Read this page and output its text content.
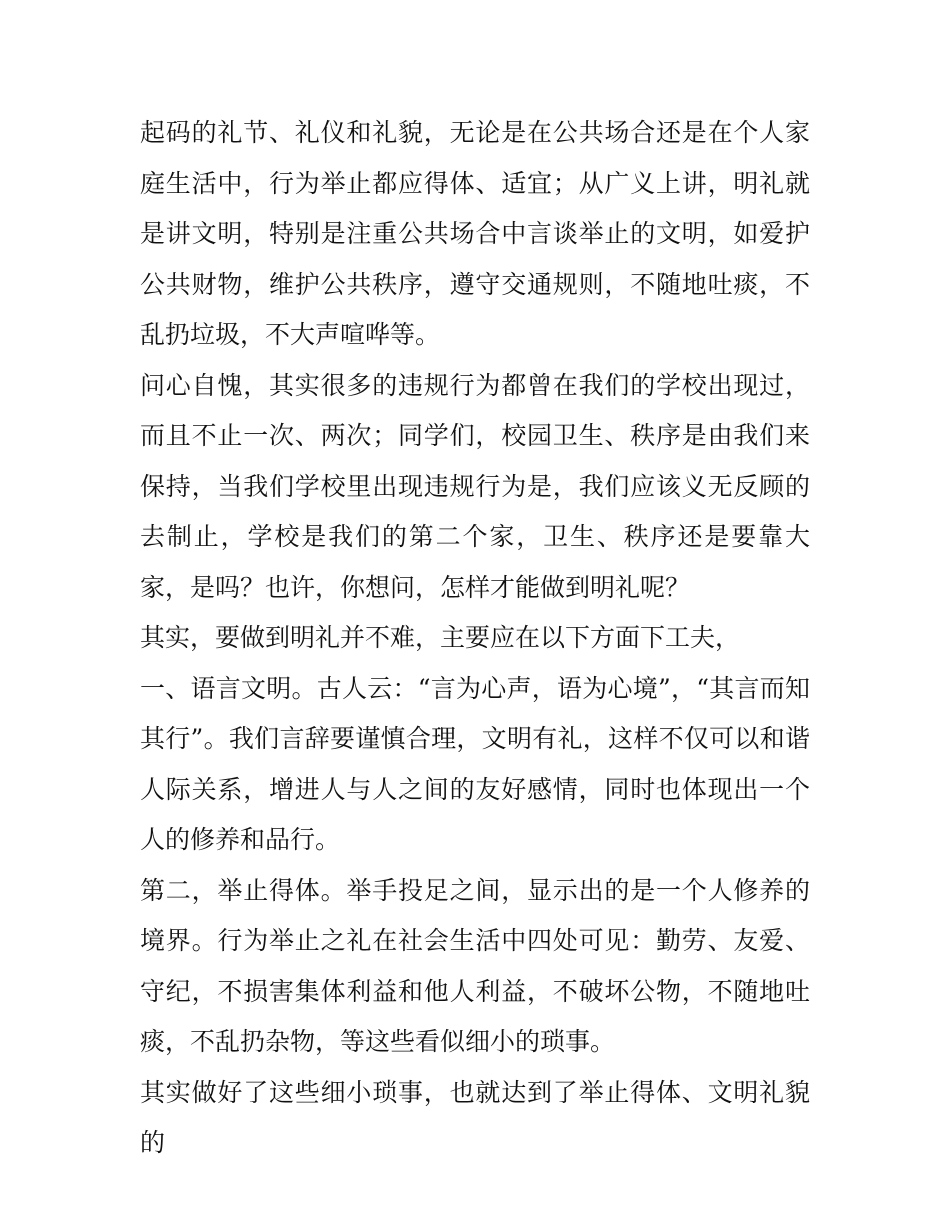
起码的礼节、礼仪和礼貌，无论是在公共场合还是在个人家庭生活中，行为举止都应得体、适宜；从广义上讲，明礼就是讲文明，特别是注重公共场合中言谈举止的文明，如爱护公共财物，维护公共秩序，遵守交通规则，不随地吐痰，不乱扔垃圾，不大声喧哗等。

问心自愧，其实很多的违规行为都曾在我们的学校出现过，而且不止一次、两次；同学们，校园卫生、秩序是由我们来保持，当我们学校里出现违规行为是，我们应该义无反顾的去制止，学校是我们的第二个家，卫生、秩序还是要靠大家，是吗？也许，你想问，怎样才能做到明礼呢？

其实，要做到明礼并不难，主要应在以下方面下工夫，

一、语言文明。古人云：“言为心声，语为心境”，“其言而知其行”。我们言辞要谨慎合理，文明有礼，这样不仅可以和谐人际关系，增进人与人之间的友好感情，同时也体现出一个人的修养和品行。

第二，举止得体。举手投足之间，显示出的是一个人修养的境界。行为举止之礼在社会生活中四处可见：勤劳、友爱、守纪，不损害集体利益和他人利益，不破坏公物，不随地吐痰，不乱扔杂物，等这些看似细小的琐事。

其实做好了这些细小琐事，也就达到了举止得体、文明礼貌的
